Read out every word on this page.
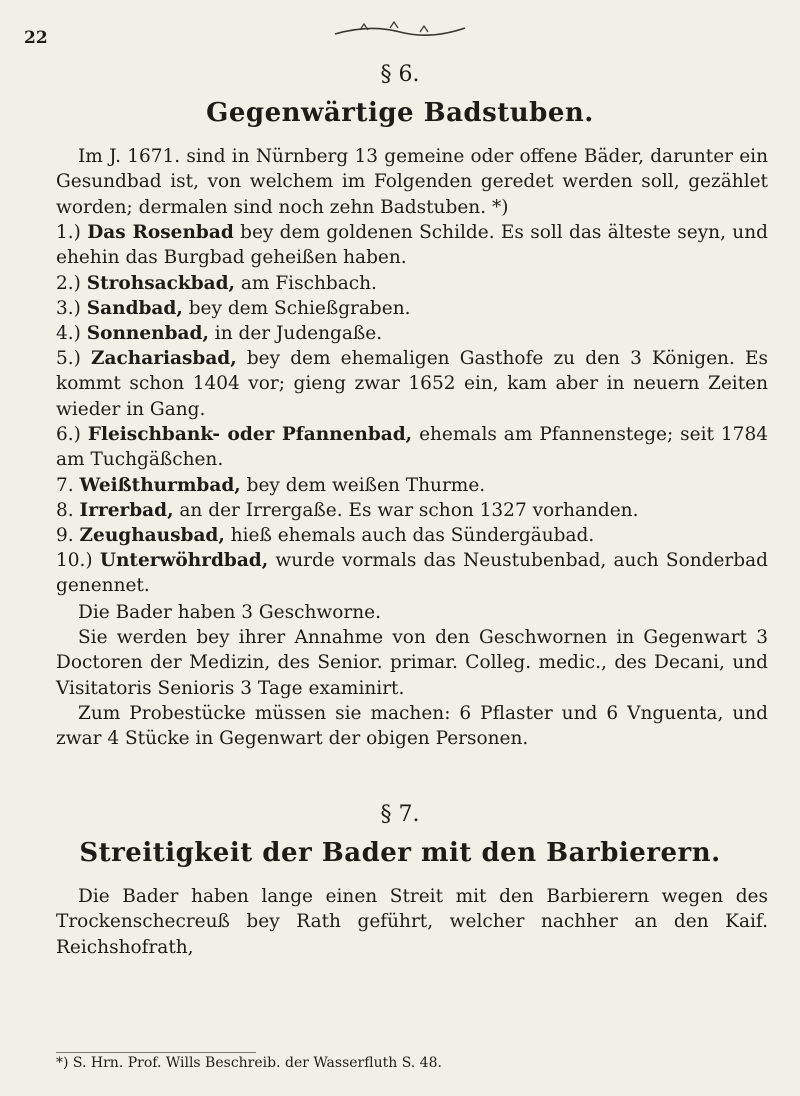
22
§ 6.
Gegenwärtige Badstuben.

Im J. 1671. sind in Nürnberg 13 gemeine oder offene Bäder, darunter ein Gesundbad ist, von welchem im Folgenden geredet werden soll, gezählet worden; dermalen sind noch zehn Badstuben. *)

1.) Das Rosenbad bey dem goldenen Schilde. Es soll das älteste seyn, und ehehin das Burgbad geheißen haben.

2.) Strohsackbad, am Fischbach.

3.) Sandbad, bey dem Schießgraben.

4.) Sonnenbad, in der Judengaße.

5.) Zachariasbad, bey dem ehemaligen Gasthofe zu den 3 Königen. Es kommt schon 1404 vor; gieng zwar 1652 ein, kam aber in neuern Zeiten wieder in Gang.

6.) Fleischbank- oder Pfannenbad, ehemals am Pfannenstege; seit 1784 am Tuchgäßchen.

7. Weißthurmbad, bey dem weißen Thurme.

8. Irrerbad, an der Irrergaße. Es war schon 1327 vorhanden.

9. Zeughausbad, hieß ehemals auch das Sündergäubad.

10.) Unterwöhrdbad, wurde vormals das Neustubenbad, auch Sonderbad genennet.

Die Bader haben 3 Geschworne.

Sie werden bey ihrer Annahme von den Geschwornen in Gegenwart 3 Doctoren der Medizin, des Senior. primar. Colleg. medic., des Decani, und Visitatoris Senioris 3 Tage examinirt.

Zum Probestücke müssen sie machen: 6 Pflaster und 6 Vnguenta, und zwar 4 Stücke in Gegenwart der obigen Personen.

§ 7.
Streitigkeit der Bader mit den Barbierern.

Die Bader haben lange einen Streit mit den Barbierern wegen des Trockenschecreuß bey Rath geführt, welcher nachher an den Kaif. Reichshofrath,

*) S. Hrn. Prof. Wills Beschreib. der Wasserfluth S. 48.
